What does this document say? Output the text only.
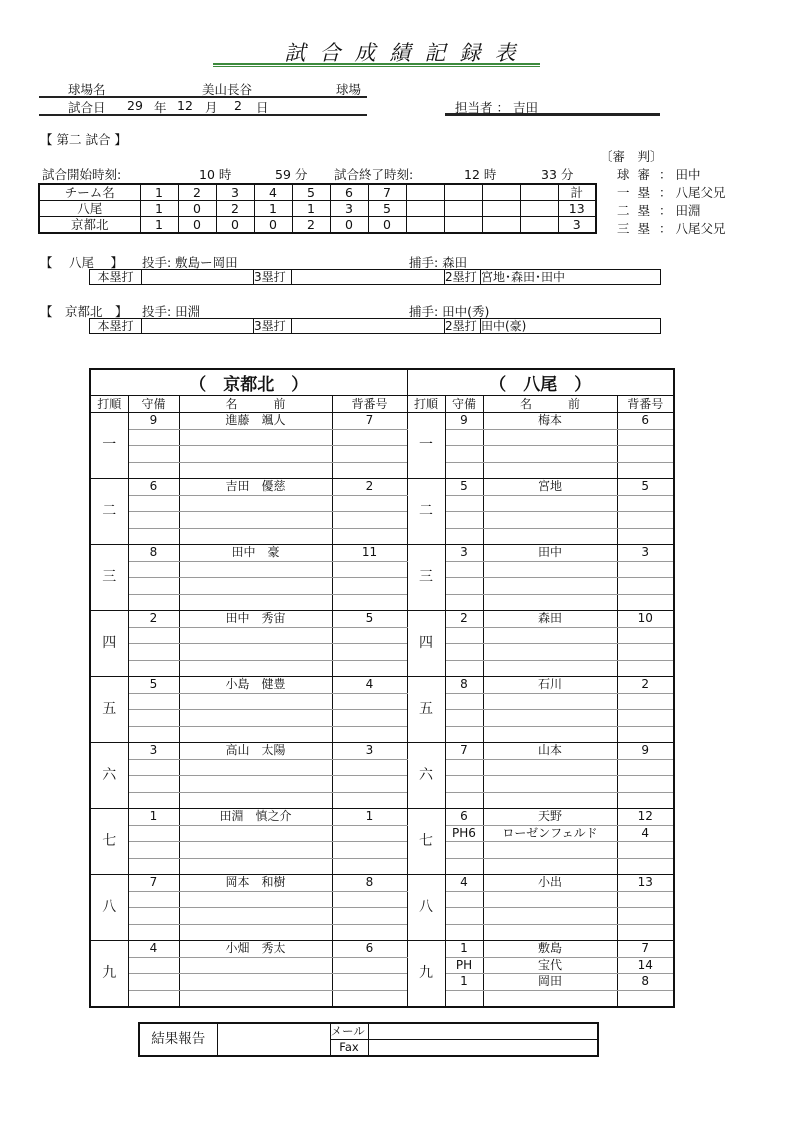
試合成績記録表
球場名	美山長谷	球場
試合日 29 年 12 月 2 日	担当者 ： 吉田
【 第二 試合 】
試合開始時刻:	10 時	59 分 試合終了時刻:	12 時	33 分
〔審　判〕
球 審 ： 田中
一 塁 ： 八尾父兄
二 塁 ： 田淵
三 塁 ： 八尾父兄
チーム名	1	2	3	4	5	6	7					計
八尾	1	0	2	1	1	3	5					13
京都北	1	0	0	0	2	0	0					3
【　 八尾　 】 投手: 敷島ー岡田	捕手: 森田
本塁打		3塁打		2塁打	宮地･森田･田中
【　京都北　】 投手: 田淵	捕手: 田中(秀)
本塁打		3塁打		2塁打	田中(豪)
（　京都北　）				（　八尾　）			
打順	守備	名　　　前	背番号	打順	守備	名　　　前	背番号
一	9	進藤　颯人	7	一	9	梅本	6

二	6	吉田　優慈	2	二	5	宮地	5

三	8	田中　豪	11	三	3	田中	3

四	2	田中　秀宙	5	四	2	森田	10

五	5	小島　健豊	4	五	8	石川	2

六	3	高山　太陽	3	六	7	山本	9

七	1	田淵　慎之介	1	七	6	天野	12
					PH6	ローゼンフェルド	4

八	7	岡本　和樹	8	八	4	小出	13

九	4	小畑　秀太	6	九	1	敷島	7
					PH	宝代	14
					1	岡田	8

結果報告		メール	
		Fax	
